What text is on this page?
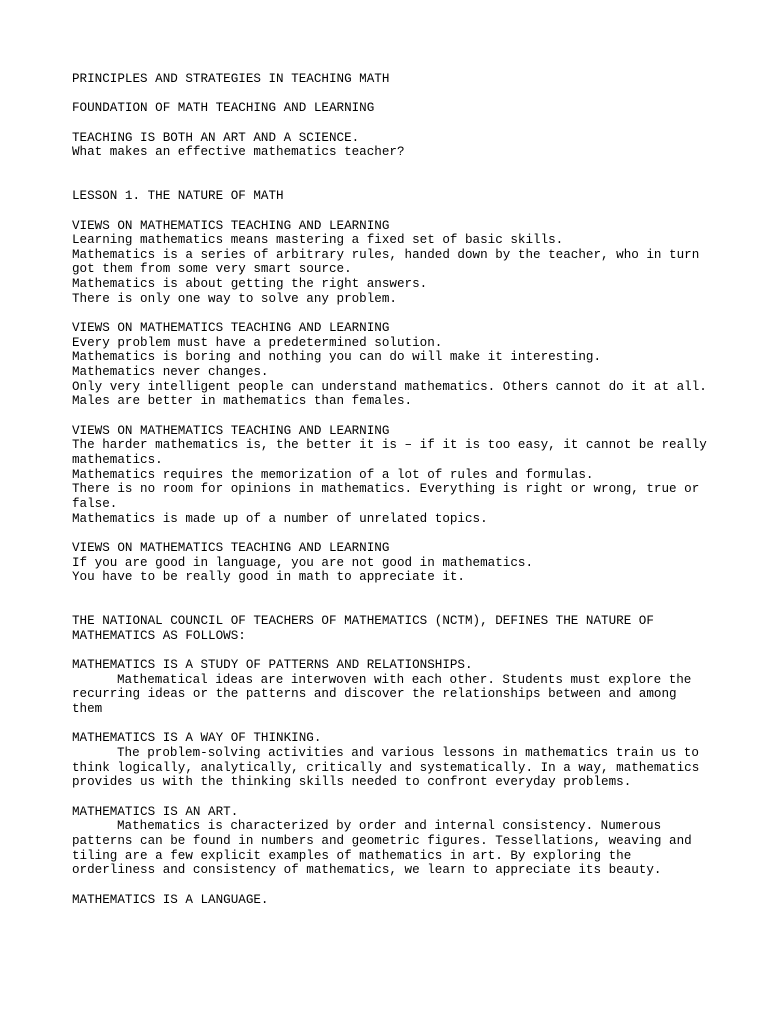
PRINCIPLES AND STRATEGIES IN TEACHING MATH
FOUNDATION OF MATH TEACHING AND LEARNING
TEACHING IS BOTH AN ART AND A SCIENCE.
What makes an effective mathematics teacher?
LESSON 1. THE NATURE OF MATH
VIEWS ON MATHEMATICS TEACHING AND LEARNING
Learning mathematics means mastering a fixed set of basic skills.
Mathematics is a series of arbitrary rules, handed down by the teacher, who in turn got them from some very smart source.
Mathematics is about getting the right answers.
There is only one way to solve any problem.
VIEWS ON MATHEMATICS TEACHING AND LEARNING
Every problem must have a predetermined solution.
Mathematics is boring and nothing you can do will make it interesting.
Mathematics never changes.
Only very intelligent people can understand mathematics. Others cannot do it at all.
Males are better in mathematics than females.
VIEWS ON MATHEMATICS TEACHING AND LEARNING
The harder mathematics is, the better it is – if it is too easy, it cannot be really mathematics.
Mathematics requires the memorization of a lot of rules and formulas.
There is no room for opinions in mathematics. Everything is right or wrong, true or false.
Mathematics is made up of a number of unrelated topics.
VIEWS ON MATHEMATICS TEACHING AND LEARNING
If you are good in language, you are not good in mathematics.
You have to be really good in math to appreciate it.
THE NATIONAL COUNCIL OF TEACHERS OF MATHEMATICS (NCTM), DEFINES THE NATURE OF MATHEMATICS AS FOLLOWS:
MATHEMATICS IS A STUDY OF PATTERNS AND RELATIONSHIPS.
Mathematical ideas are interwoven with each other. Students must explore the recurring ideas or the patterns and discover the relationships between and among them
MATHEMATICS IS A WAY OF THINKING.
The problem-solving activities and various lessons in mathematics train us to think logically, analytically, critically and systematically. In a way, mathematics provides us with the thinking skills needed to confront everyday problems.
MATHEMATICS IS AN ART.
Mathematics is characterized by order and internal consistency. Numerous patterns can be found in numbers and geometric figures. Tessellations, weaving and tiling are a few explicit examples of mathematics in art. By exploring the orderliness and consistency of mathematics, we learn to appreciate its beauty.
MATHEMATICS IS A LANGUAGE.
